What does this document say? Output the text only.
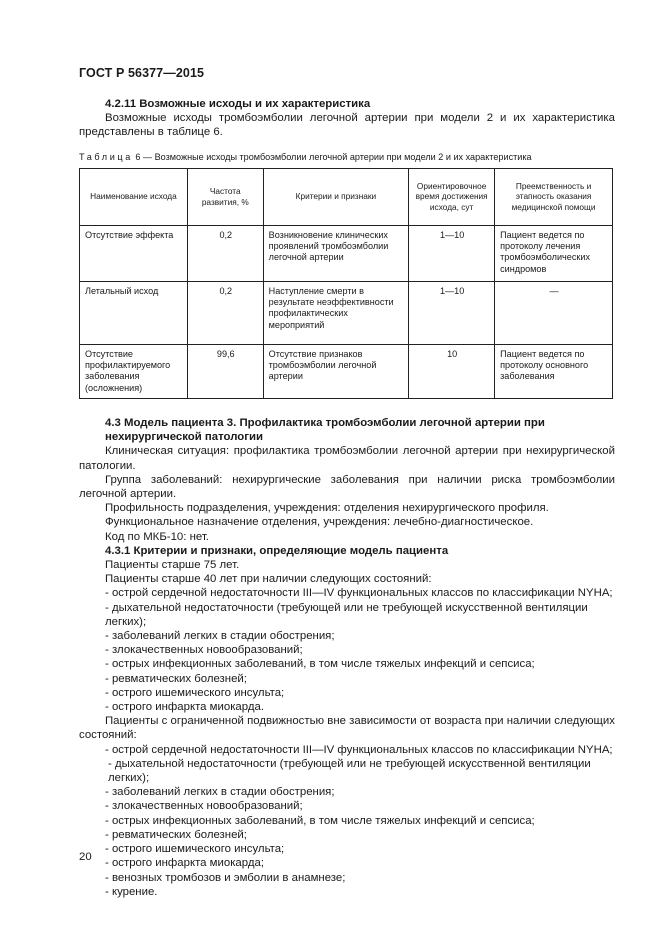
ГОСТ Р 56377—2015
4.2.11 Возможные исходы и их характеристика
Возможные исходы тромбоэмболии легочной артерии при модели 2 и их характеристика представлены в таблице 6.
Таблица 6 — Возможные исходы тромбоэмболии легочной артерии при модели 2 и их характеристика
Наименование исхода	Частота развития, %	Критерии и признаки	Ориентировочное время достижения исхода, сут	Преемственность и этапность оказания медицинской помощи
Отсутствие эффекта	0,2	Возникновение клинических проявлений тромбоэмболии легочной артерии	1—10	Пациент ведется по протоколу лечения тромбоэмболических синдромов
Летальный исход	0,2	Наступление смерти в результате неэффективности профилактических мероприятий	1—10	—
Отсутствие профилактируемого заболевания (осложнения)	99,6	Отсутствие признаков тромбоэмболии легочной артерии	10	Пациент ведется по протоколу основного заболевания
4.3 Модель пациента 3. Профилактика тромбоэмболии легочной артерии при нехирургической патологии
Клиническая ситуация: профилактика тромбоэмболии легочной артерии при нехирургической патологии.
Группа заболеваний: нехирургические заболевания при наличии риска тромбоэмболии легочной артерии.
Профильность подразделения, учреждения: отделения нехирургического профиля.
Функциональное назначение отделения, учреждения: лечебно-диагностическое.
Код по МКБ-10: нет.
4.3.1 Критерии и признаки, определяющие модель пациента
Пациенты старше 75 лет.
Пациенты старше 40 лет при наличии следующих состояний:
- острой сердечной недостаточности III—IV функциональных классов по классификации NYHA;
- дыхательной недостаточности (требующей или не требующей искусственной вентиляции легких);
- заболеваний легких в стадии обострения;
- злокачественных новообразований;
- острых инфекционных заболеваний, в том числе тяжелых инфекций и сепсиса;
- ревматических болезней;
- острого ишемического инсульта;
- острого инфаркта миокарда.
Пациенты с ограниченной подвижностью вне зависимости от возраста при наличии следующих состояний:
- острой сердечной недостаточности III—IV функциональных классов по классификации NYHA;
- дыхательной недостаточности (требующей или не требующей искусственной вентиляции легких);
- заболеваний легких в стадии обострения;
- злокачественных новообразований;
- острых инфекционных заболеваний, в том числе тяжелых инфекций и сепсиса;
- ревматических болезней;
- острого ишемического инсульта;
- острого инфаркта миокарда;
- венозных тромбозов и эмболии в анамнезе;
- курение.
20
